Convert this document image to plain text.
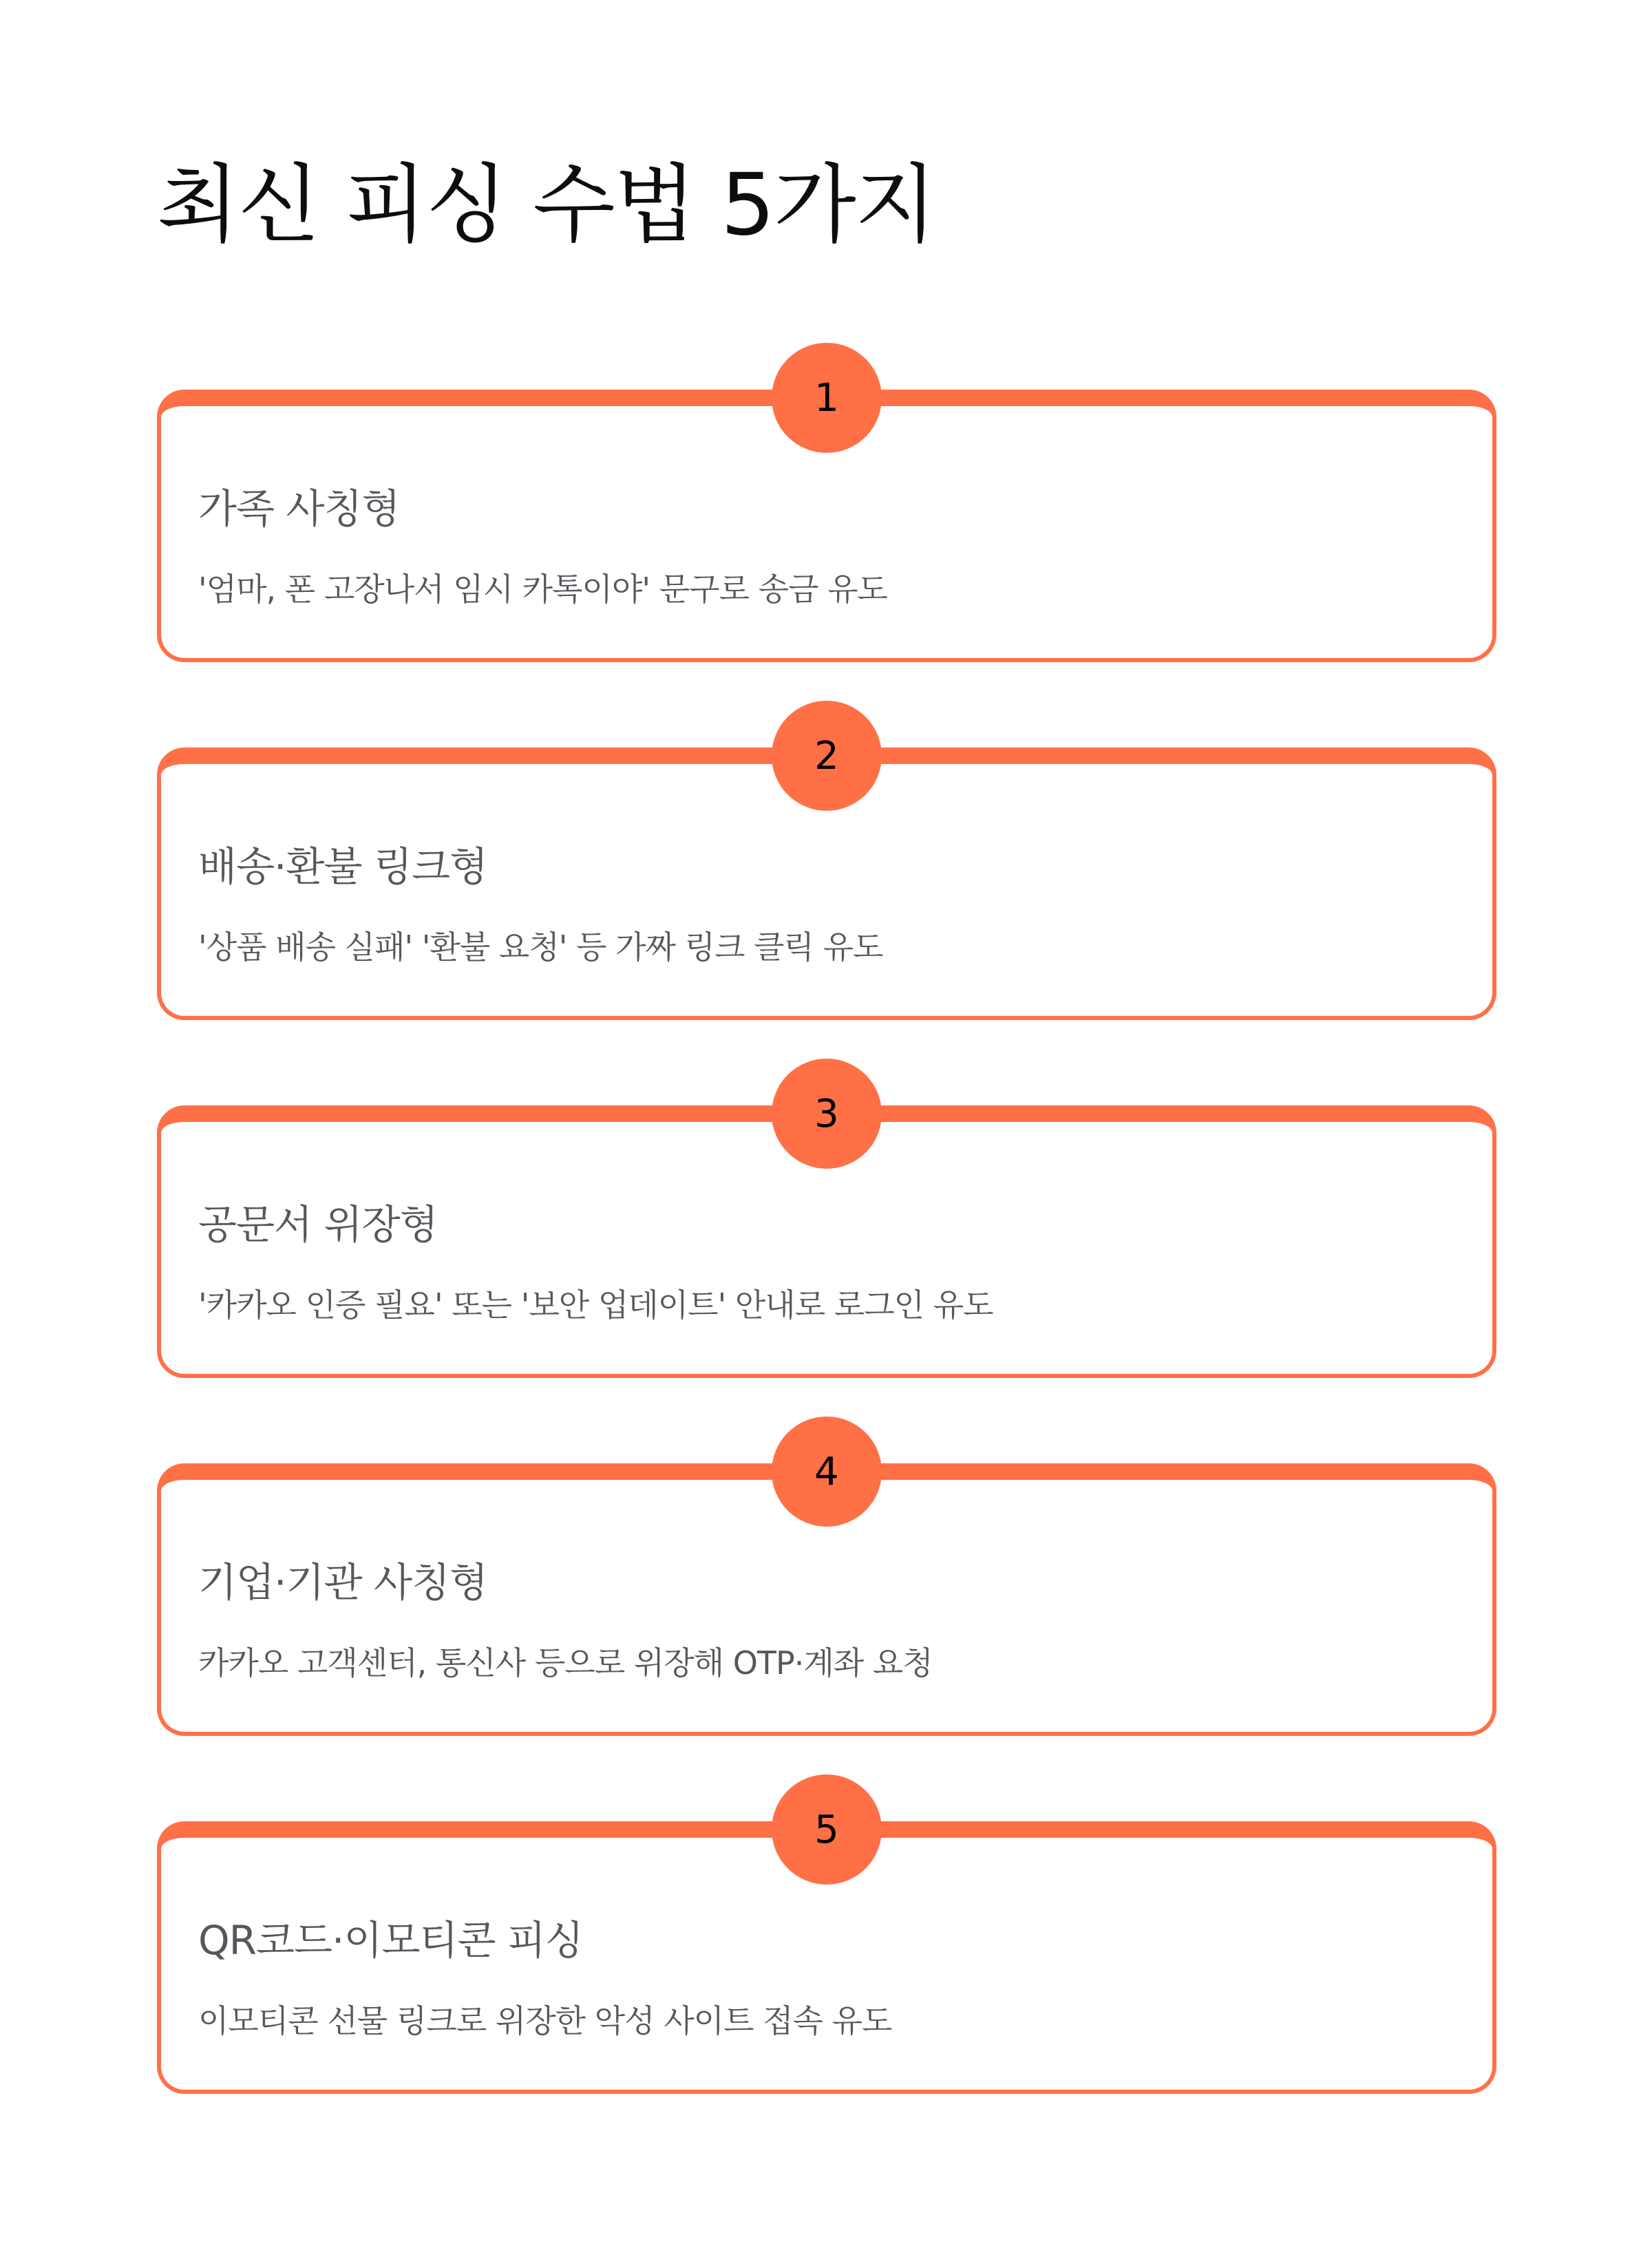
최신 피싱 수법 5가지
1
가족 사칭형
'엄마, 폰 고장나서 임시 카톡이야' 문구로 송금 유도
2
배송·환불 링크형
'상품 배송 실패' '환불 요청' 등 가짜 링크 클릭 유도
3
공문서 위장형
'카카오 인증 필요' 또는 '보안 업데이트' 안내로 로그인 유도
4
기업·기관 사칭형
카카오 고객센터, 통신사 등으로 위장해 OTP·계좌 요청
5
QR코드·이모티콘 피싱
이모티콘 선물 링크로 위장한 악성 사이트 접속 유도
